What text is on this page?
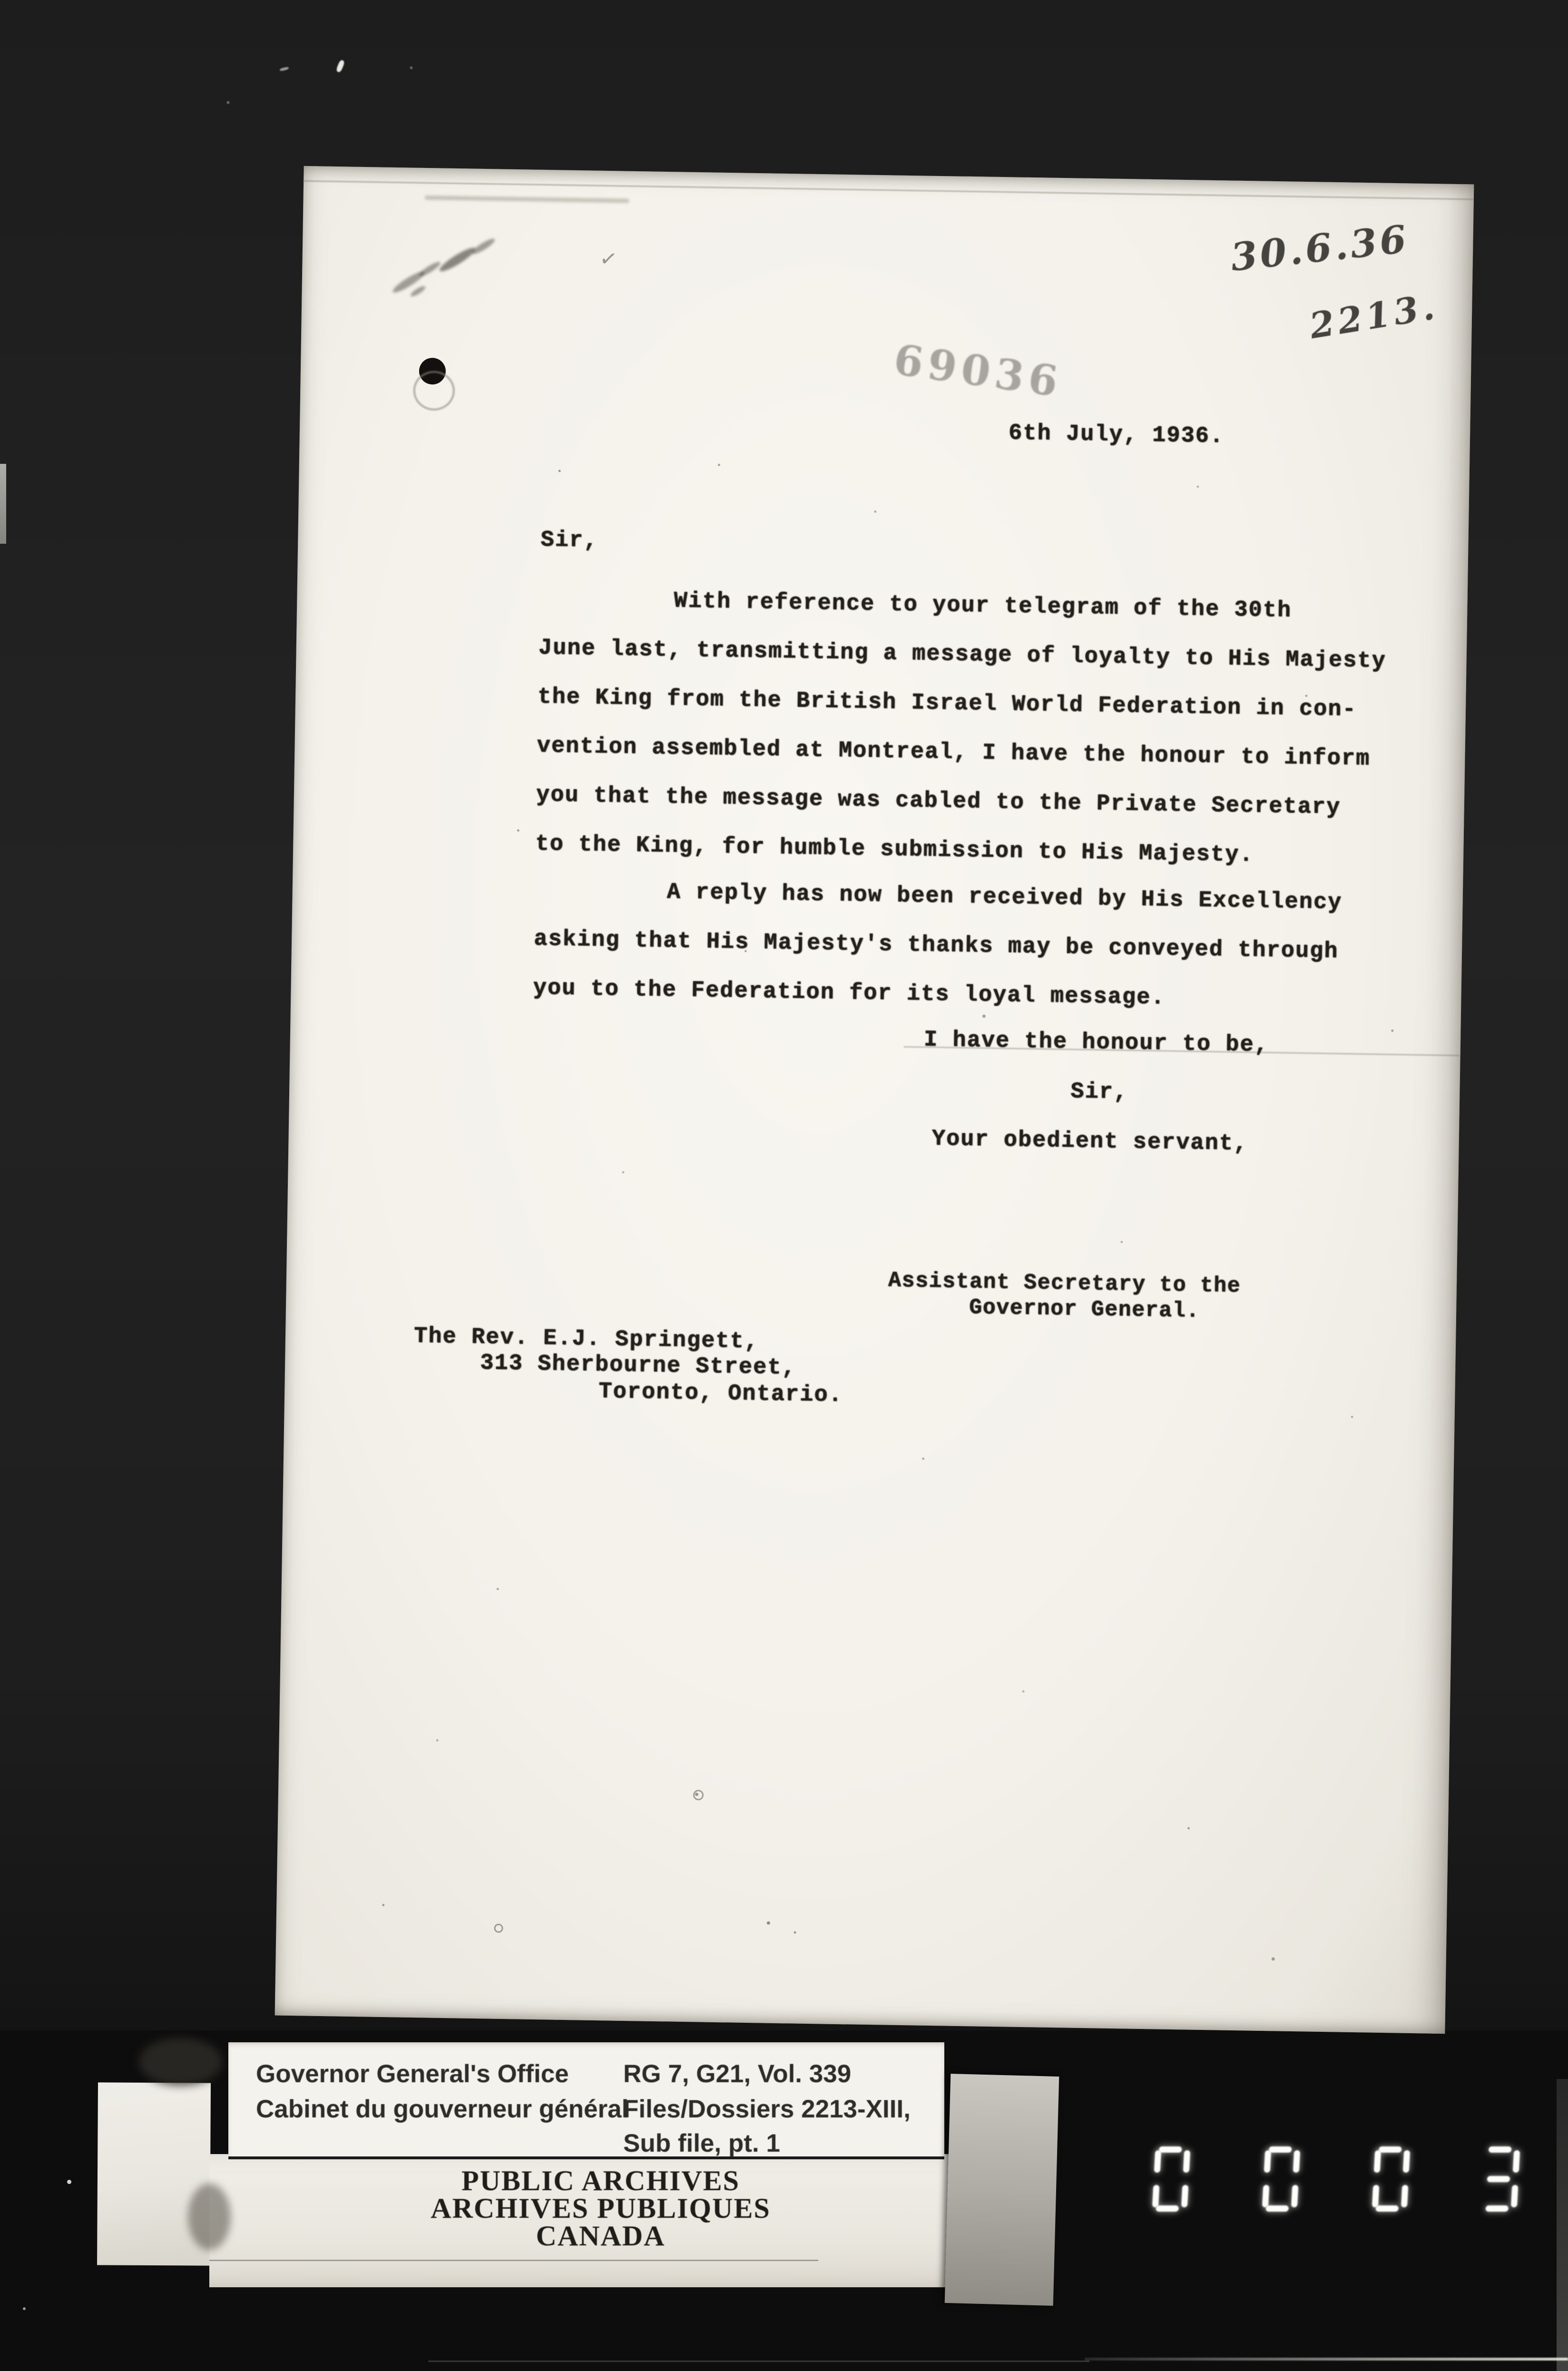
✓	30.6.36
2213.
69036
6th July, 1936.
Sir,
With reference to your telegram of the 30th
June last, transmitting a message of loyalty to His Majesty
the King from the British Israel World Federation in con-
vention assembled at Montreal, I have the honour to inform
you that the message was cabled to the Private Secretary
to the King, for humble submission to His Majesty.
A reply has now been received by His Excellency
asking that His Majesty's thanks may be conveyed through
you to the Federation for its loyal message.
I have the honour to be,
Sir,
Your obedient servant,
Assistant Secretary to the
Governor General.
The Rev. E.J. Springett,
313 Sherbourne Street,
Toronto, Ontario.
Governor General's Office
Cabinet du gouverneur général
RG 7, G21, Vol. 339
Files/Dossiers 2213-XIII,
Sub file, pt. 1
PUBLIC ARCHIVES
ARCHIVES PUBLIQUES
CANADA
